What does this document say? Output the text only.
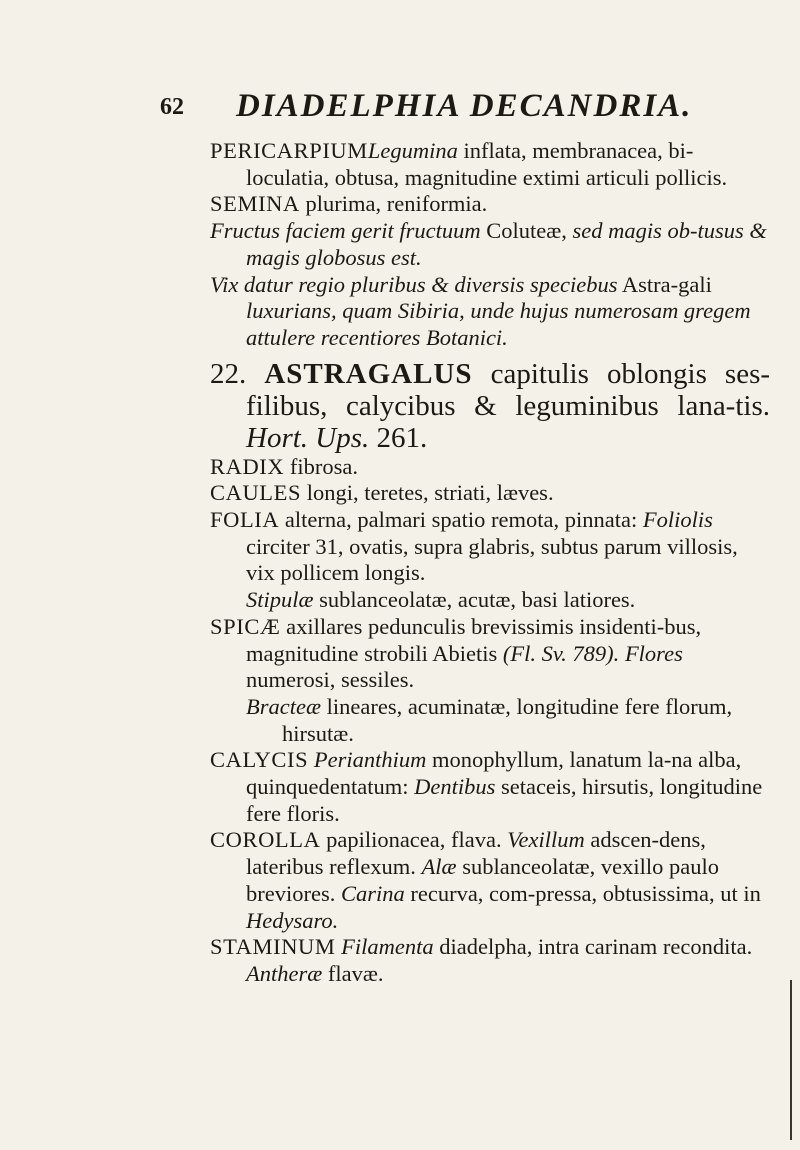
62 DIADELPHIA DECANDRIA.

PERICARPIUMLegumina inflata, membranacea, bi-loculatia, obtusa, magnitudine extimi articuli pollicis.

SEMINA plurima, reniformia.

Fructus faciem gerit fructuum Coluteæ, sed magis ob-tusus & magis globosus est.

Vix datur regio pluribus & diversis speciebus Astra-gali luxurians, quam Sibiria, unde hujus numerosam gregem attulere recentiores Botanici.

22. ASTRAGALUS capitulis oblongis ses-filibus, calycibus & leguminibus lana-tis. Hort. Ups. 261.

RADIX fibrosa.

CAULES longi, teretes, striati, læves.

FOLIA alterna, palmari spatio remota, pinnata: Foliolis circiter 31, ovatis, supra glabris, subtus parum villosis, vix pollicem longis.

Stipulæ sublanceolatæ, acutæ, basi latiores.

SPICÆ axillares pedunculis brevissimis insidenti-bus, magnitudine strobili Abietis (Fl. Sv. 789). Flores numerosi, sessiles.

Bracteæ lineares, acuminatæ, longitudine fere florum, hirsutæ.

CALYCIS Perianthium monophyllum, lanatum la-na alba, quinquedentatum: Dentibus setaceis, hirsutis, longitudine fere floris.

COROLLA papilionacea, flava. Vexillum adscen-dens, lateribus reflexum. Alæ sublanceolatæ, vexillo paulo breviores. Carina recurva, com-pressa, obtusissima, ut in Hedysaro.

STAMINUM Filamenta diadelpha, intra carinam recondita. Antheræ flavæ.
